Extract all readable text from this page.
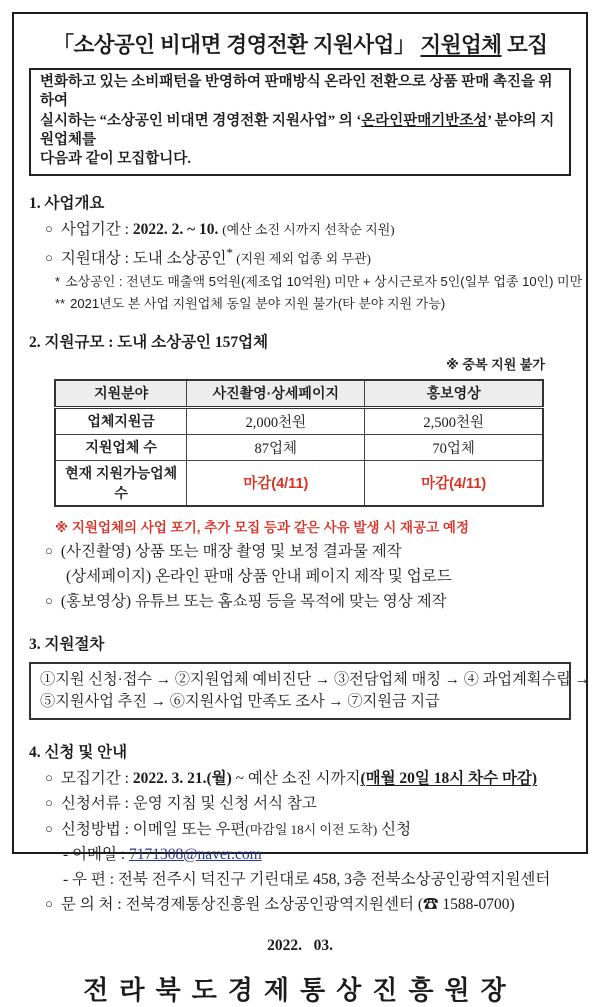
「소상공인 비대면 경영전환 지원사업」 지원업체 모집
변화하고 있는 소비패턴을 반영하여 판매방식 온라인 전환으로 상품 판매 촉진을 위하여
실시하는 “소상공인 비대면 경영전환 지원사업” 의 ‘온라인판매기반조성’ 분야의 지원업체를
다음과 같이 모집합니다.
1. 사업개요
○ 사업기간 : 2022. 2. ~ 10. (예산 소진 시까지 선착순 지원)
○ 지원대상 : 도내 소상공인* (지원 제외 업종 외 무관)
* 소상공인 : 전년도 매출액 5억원(제조업 10억원) 미만 + 상시근로자 5인(일부 업종 10인) 미만
** 2021년도 본 사업 지원업체 동일 분야 지원 불가(타 분야 지원 가능)
2. 지원규모 : 도내 소상공인 157업체
※ 중복 지원 불가
지원분야	사진촬영·상세페이지	홍보영상
업체지원금	2,000천원	2,500천원
지원업체 수	87업체	70업체
현재 지원가능업체수	마감(4/11)	마감(4/11)
※ 지원업체의 사업 포기, 추가 모집 등과 같은 사유 발생 시 재공고 예정
○ (사진촬영) 상품 또는 매장 촬영 및 보정 결과물 제작
(상세페이지) 온라인 판매 상품 안내 페이지 제작 및 업로드
○ (홍보영상) 유튜브 또는 홈쇼핑 등을 목적에 맞는 영상 제작
3. 지원절차
①지원 신청·접수 → ②지원업체 예비진단 → ③전담업체 매칭 → ④ 과업계획수립 →
⑤지원사업 추진 → ⑥지원사업 만족도 조사 → ⑦지원금 지급
4. 신청 및 안내
○ 모집기간 : 2022. 3. 21.(월) ~ 예산 소진 시까지(매월 20일 18시 차수 마감)
○ 신청서류 : 운영 지침 및 신청 서식 참고
○ 신청방법 : 이메일 또는 우편(마감일 18시 이전 도착) 신청
- 이메일 : 7171308@naver.com
- 우 편 : 전북 전주시 덕진구 기린대로 458, 3층 전북소상공인광역지원센터
○ 문 의 처 : 전북경제통상진흥원 소상공인광역지원센터 (☎ 1588-0700)
2022.   03.
전라북도경제통상진흥원장
